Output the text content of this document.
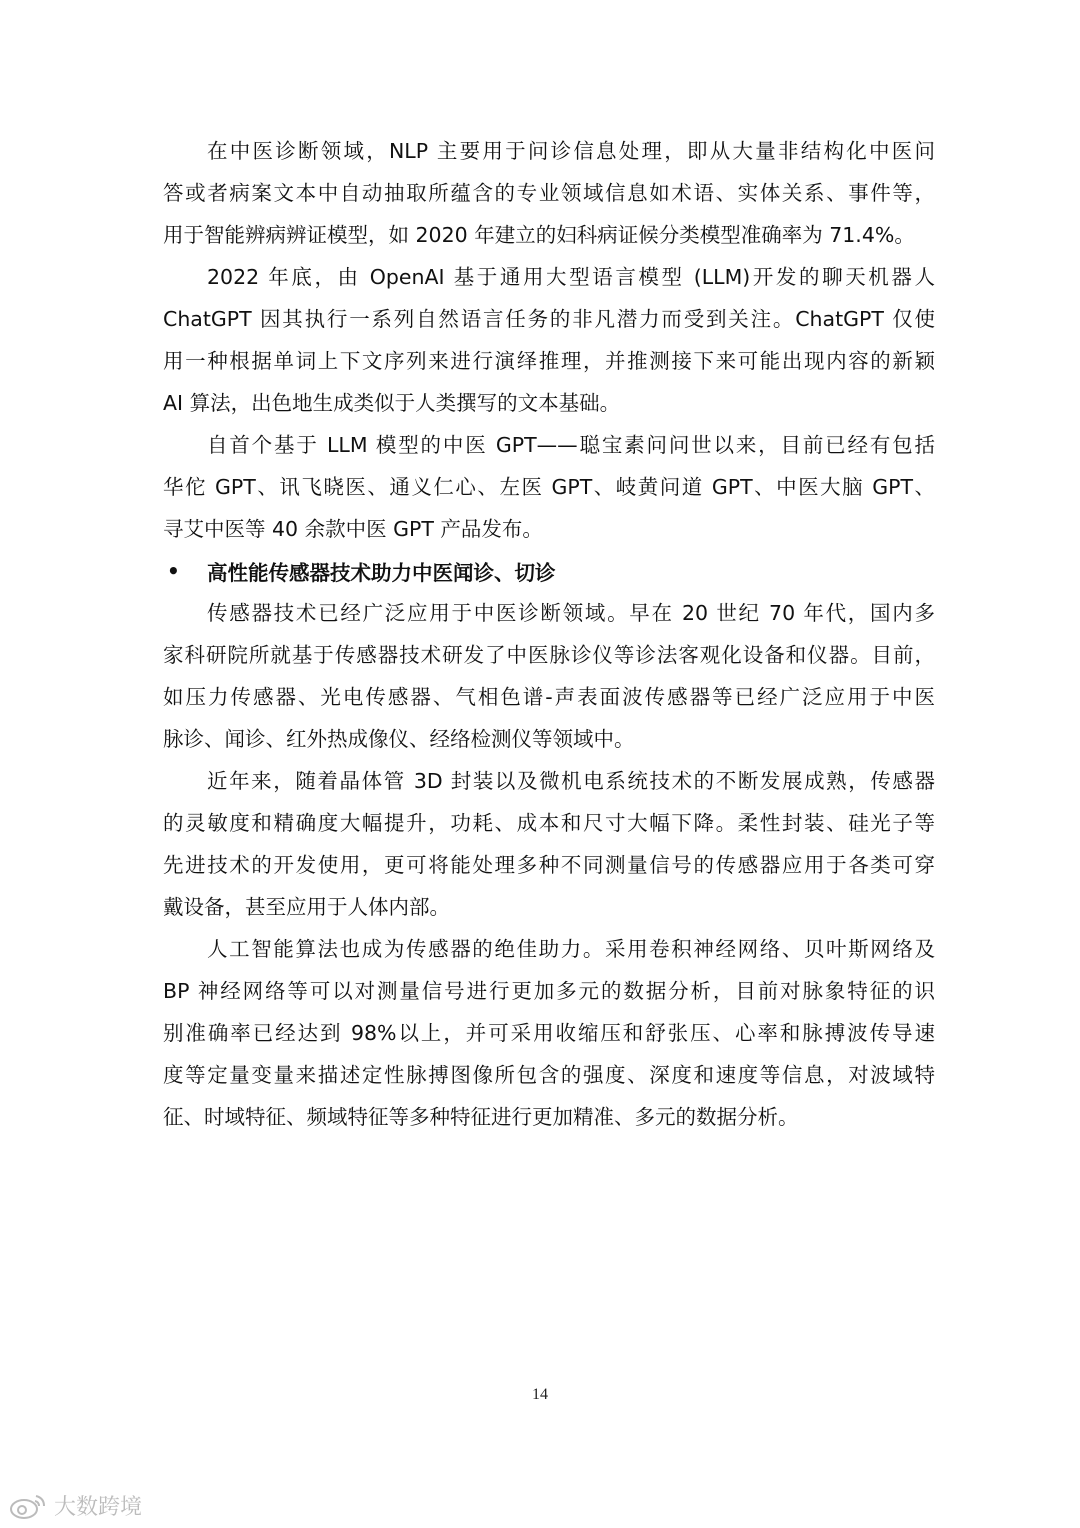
在中医诊断领域，NLP 主要用于问诊信息处理，即从大量非结构化中医问
答或者病案文本中自动抽取所蕴含的专业领域信息如术语、实体关系、事件等，
用于智能辨病辨证模型，如 2020 年建立的妇科病证候分类模型准确率为 71.4%。

2022 年底，由 OpenAI 基于通用大型语言模型 (LLM)开发的聊天机器人
ChatGPT 因其执行一系列自然语言任务的非凡潜力而受到关注。ChatGPT 仅使
用一种根据单词上下文序列来进行演绎推理，并推测接下来可能出现内容的新颖
AI 算法，出色地生成类似于人类撰写的文本基础。

自首个基于 LLM 模型的中医 GPT——聪宝素问问世以来，目前已经有包括
华佗 GPT、讯飞晓医、通义仁心、左医 GPT、岐黄问道 GPT、中医大脑 GPT、
寻艾中医等 40 余款中医 GPT 产品发布。

•	高性能传感器技术助力中医闻诊、切诊

传感器技术已经广泛应用于中医诊断领域。早在 20 世纪 70 年代，国内多
家科研院所就基于传感器技术研发了中医脉诊仪等诊法客观化设备和仪器。目前，
如压力传感器、光电传感器、气相色谱-声表面波传感器等已经广泛应用于中医
脉诊、闻诊、红外热成像仪、经络检测仪等领域中。

近年来，随着晶体管 3D 封装以及微机电系统技术的不断发展成熟，传感器
的灵敏度和精确度大幅提升，功耗、成本和尺寸大幅下降。柔性封装、硅光子等
先进技术的开发使用，更可将能处理多种不同测量信号的传感器应用于各类可穿
戴设备，甚至应用于人体内部。

人工智能算法也成为传感器的绝佳助力。采用卷积神经网络、贝叶斯网络及
BP 神经网络等可以对测量信号进行更加多元的数据分析，目前对脉象特征的识
别准确率已经达到 98%以上，并可采用收缩压和舒张压、心率和脉搏波传导速
度等定量变量来描述定性脉搏图像所包含的强度、深度和速度等信息，对波域特
征、时域特征、频域特征等多种特征进行更加精准、多元的数据分析。

14
大数跨境
